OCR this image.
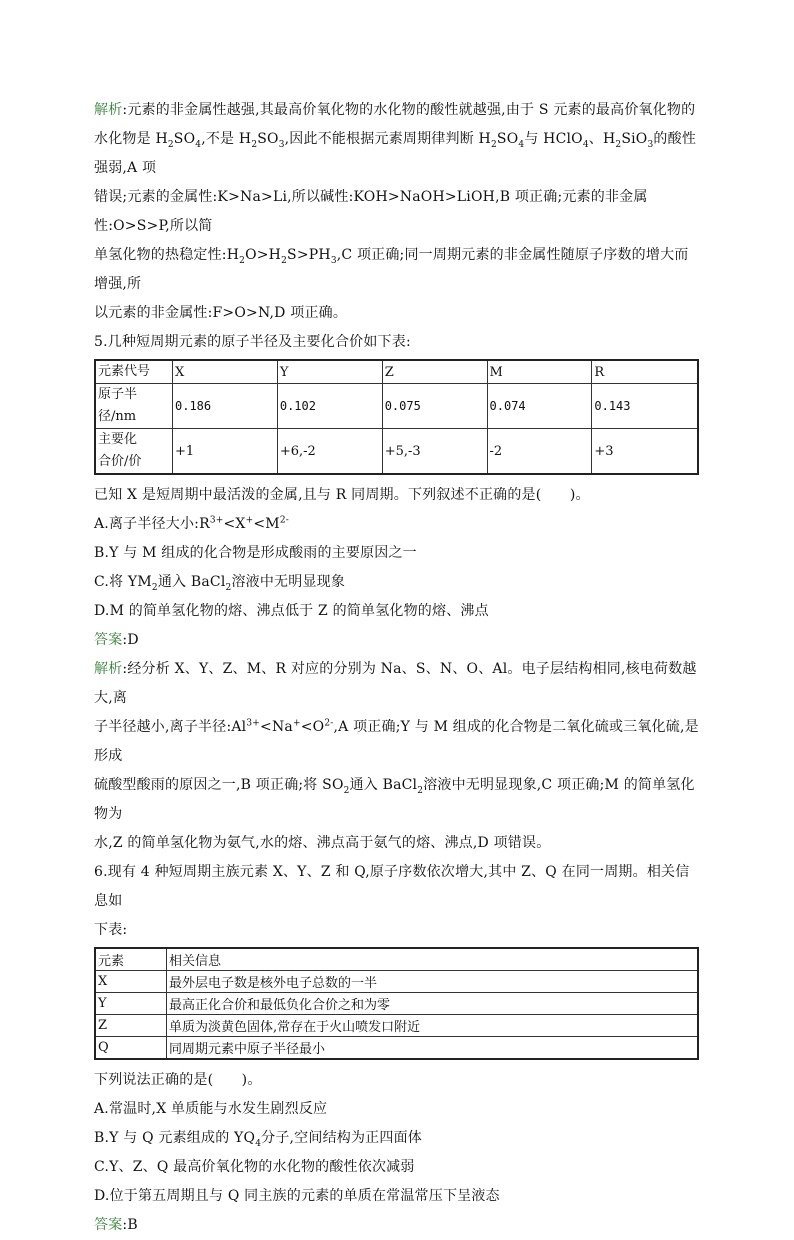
解析:元素的非金属性越强,其最高价氧化物的水化物的酸性就越强,由于 S 元素的最高价氧化物的

水化物是 $H_2SO_4$,不是 $H_2SO_3$,因此不能根据元素周期律判断 $H_2SO_4$与 HClO$_4$、$H_2SiO_3$的酸性强弱,A 项

错误;元素的金属性:K>Na>Li,所以碱性:KOH>NaOH>LiOH,B 项正确;元素的非金属性:O>S>P,所以简

单氢化物的热稳定性$:H_2O>H_2S>PH_3,C$ 项正确;同一周期元素的非金属性随原子序数的增大而增强,所

以元素的非金属性:F>O>N,D 项正确。

5.几种短周期元素的原子半径及主要化合价如下表:

元素代号	X	Y	Z	M	R
原子半
径/nm	0.186	0.102	0.075	0.074	0.143
主要化
合价/价	+1	+6,-2	+5,-3	-2	+3

已知 X 是短周期中最活泼的金属,且与 R 同周期。下列叙述不正确的是(　　)。

A.离子半径大小$:R^{3+}<X^+<M^{2-}$

B.Y 与 M 组成的化合物是形成酸雨的主要原因之一

C.将 $YM_2$通入 BaCl$_2$溶液中无明显现象

D.M 的简单氢化物的熔、沸点低于 Z 的简单氢化物的熔、沸点

答案:D

解析:经分析 X、Y、Z、M、R 对应的分别为 Na、S、N、O、Al。电子层结构相同,核电荷数越大,离

子半径越小,离子半径$:Al^{3+}<Na^+<O^{2-},A$ 项正确;Y 与 M 组成的化合物是二氧化硫或三氧化硫,是形成

硫酸型酸雨的原因之一,B 项正确;将 $SO_2$通入 BaCl$_2$溶液中无明显现象,C 项正确;M 的简单氢化物为

水,Z 的简单氢化物为氨气,水的熔、沸点高于氨气的熔、沸点,D 项错误。

6.现有 4 种短周期主族元素 X、Y、Z 和 Q,原子序数依次增大,其中 Z、Q 在同一周期。相关信息如

下表:

元素	相关信息
X	最外层电子数是核外电子总数的一半
Y	最高正化合价和最低负化合价之和为零
Z	单质为淡黄色固体,常存在于火山喷发口附近
Q	同周期元素中原子半径最小

下列说法正确的是(　　)。

A.常温时,X 单质能与水发生剧烈反应

B.Y 与 Q 元素组成的 $YQ_4$分子,空间结构为正四面体

C.Y、Z、Q 最高价氧化物的水化物的酸性依次减弱

D.位于第五周期且与 Q 同主族的元素的单质在常温常压下呈液态

答案:B
